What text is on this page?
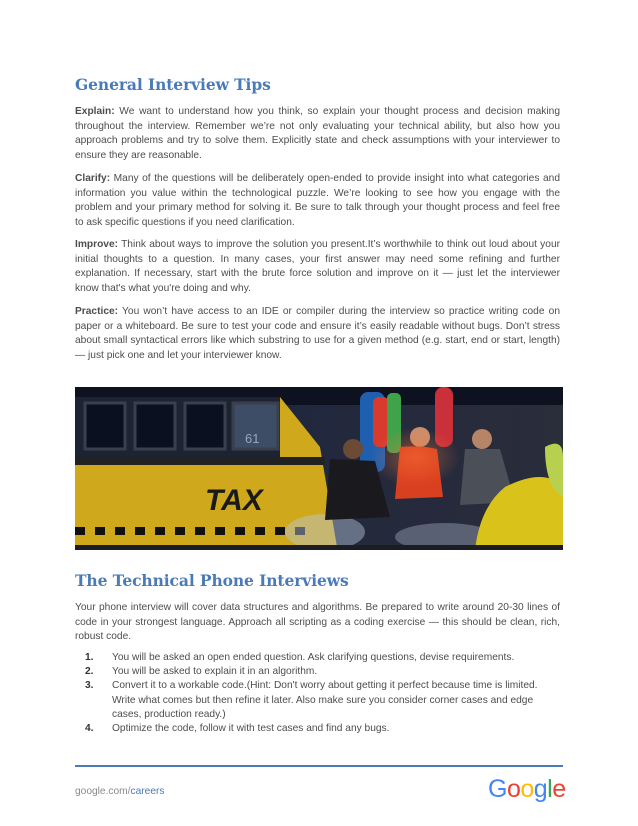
General Interview Tips

Explain: We want to understand how you think, so explain your thought process and decision making throughout the interview. Remember we’re not only evaluating your technical ability, but also how you approach problems and try to solve them. Explicitly state and check assumptions with your interviewer to ensure they are reasonable.

Clarify: Many of the questions will be deliberately open-ended to provide insight into what categories and information you value within the technological puzzle. We’re looking to see how you engage with the problem and your primary method for solving it. Be sure to talk through your thought process and feel free to ask specific questions if you need clarification.

Improve: Think about ways to improve the solution you present.It’s worthwhile to think out loud about your initial thoughts to a question. In many cases, your first answer may need some refining and further explanation. If necessary, start with the brute force solution and improve on it — just let the interviewer know that's what you're doing and why.

Practice: You won’t have access to an IDE or compiler during the interview so practice writing code on paper or a whiteboard. Be sure to test your code and ensure it’s easily readable without bugs. Don’t stress about small syntactical errors like which substring to use for a given method (e.g. start, end or start, length) — just pick one and let your interviewer know.

TAX
61
The Technical Phone Interviews

Your phone interview will cover data structures and algorithms. Be prepared to write around 20-30 lines of code in your strongest language. Approach all scripting as a coding exercise — this should be clean, rich, robust code.

1. You will be asked an open ended question. Ask clarifying questions, devise requirements.
2. You will be asked to explain it in an algorithm.
3. Convert it to a workable code.(Hint: Don't worry about getting it perfect because time is limited. Write what comes but then refine it later. Also make sure you consider corner cases and edge cases, production ready.)
4. Optimize the code, follow it with test cases and find any bugs.
google.com/careers	Google
